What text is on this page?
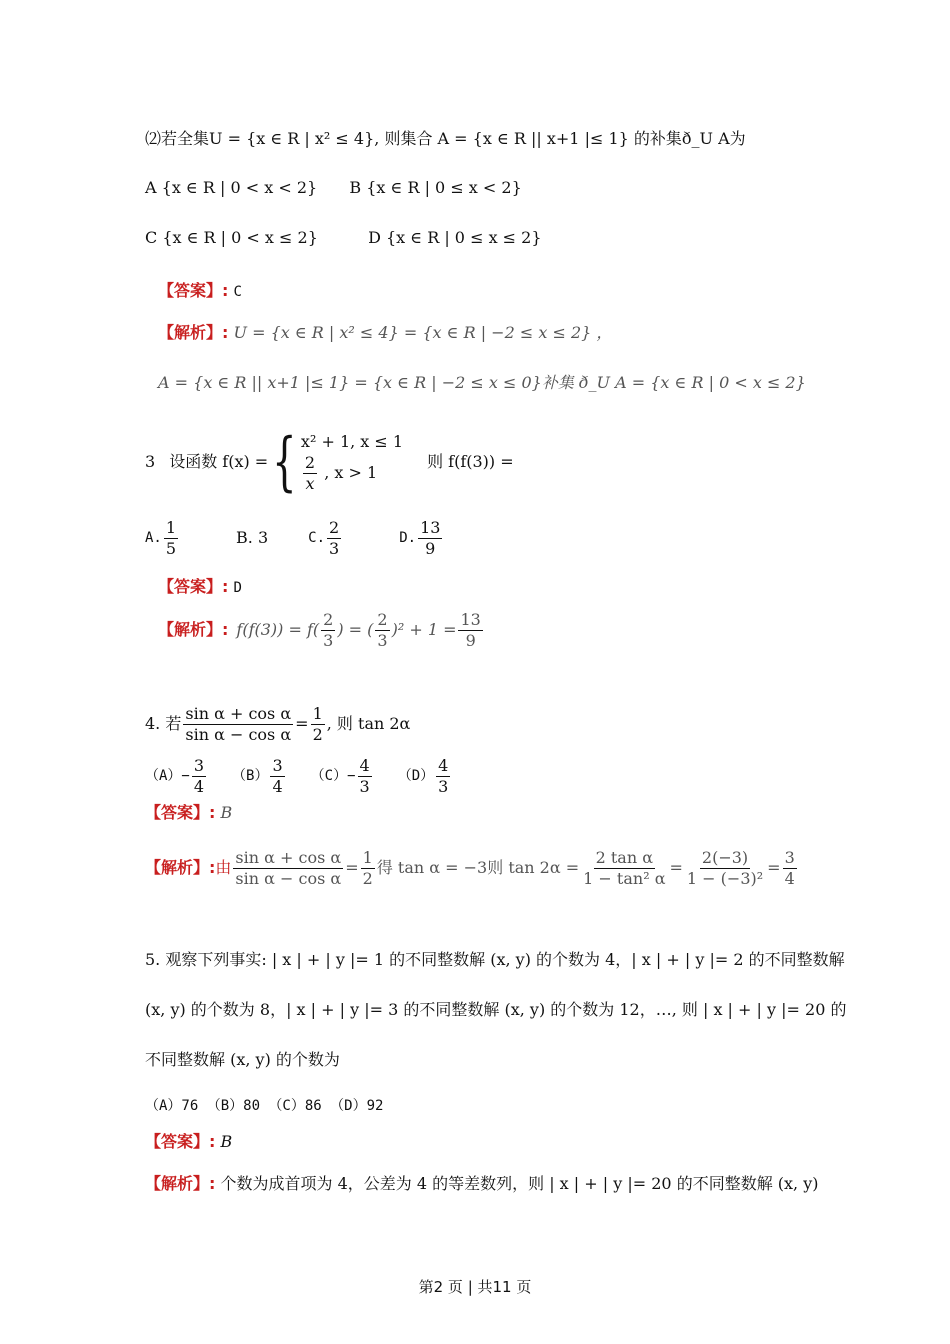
⑵若全集U = {x ∈ R | x² ≤ 4}, 则集合 A = {x ∈ R || x+1 |≤ 1} 的补集ð_U A为
A {x ∈ R | 0 < x < 2} B {x ∈ R | 0 ≤ x < 2}
C {x ∈ R | 0 < x ≤ 2}	D {x ∈ R | 0 ≤ x ≤ 2}
【答案】: C
【解析】: U = {x ∈ R | x² ≤ 4} = {x ∈ R | −2 ≤ x ≤ 2} ，
A = {x ∈ R || x+1 |≤ 1} = {x ∈ R | −2 ≤ x ≤ 0}补集 ð_U A = {x ∈ R | 0 < x ≤ 2}
3 设函数 f(x) = { x² + 1, x ≤ 1
$\frac{2}{x}$ , x > 1
则 f(f(3)) =
A. $\frac{1}{5}$	B. 3	C. $\frac{2}{3}$	D. $\frac{13}{9}$
【答案】: D
【解析】: $f(f(3)) = f( \frac{2}{3}$ ) = ( $\frac{2}{3} )^2 + 1 = \frac{13}{9}$
4. 若 $\frac{\text{sin α + cos α}}{\text{sin α − cos α}} = \frac{1}{2}$ , 则 tan 2α
$(A)- \frac{3}{4} (B) \frac{3}{4} (C)- \frac{4}{3} (D) \frac{4}{3}$
【答案】: B
【解析】: 由 $\frac{\text{sin α + cos α}}{\text{sin α − cos α}} = \frac{1}{2}$ 得 tan α = −3则 $\tan 2\alpha = \frac{\text{2 tan α}}{\text{1 − tan² α}} = \frac{2(-3)}{\text{1 − (−3)²}} = \frac{3}{4}$
5. 观察下列事实: | x | + | y |= 1 的不同整数解 (x, y) 的个数为 4，| x | + | y |= 2 的不同整数解
(x, y) 的个数为 8，| x | + | y |= 3 的不同整数解 (x, y) 的个数为 12，…, 则 | x | + | y |= 20 的
不同整数解 (x, y) 的个数为
（A）76 （B）80 （C）86 （D）92
【答案】: B
【解析】: 个数为成首项为 4，公差为 4 的等差数列，则 | x | + | y |= 20 的不同整数解 (x, y)
第2 页 | 共11 页
